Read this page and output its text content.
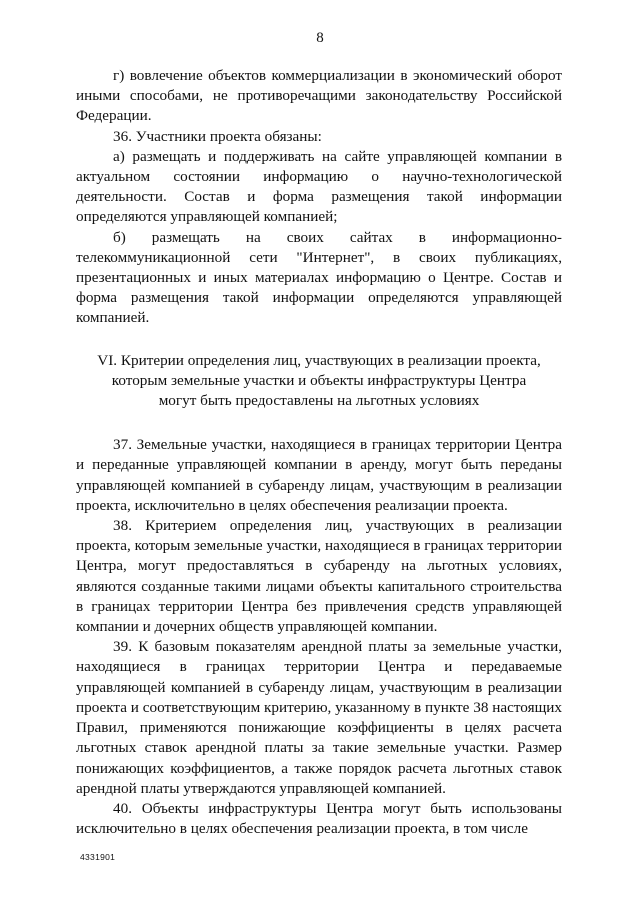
8

г) вовлечение объектов коммерциализации в экономический оборот иными способами, не противоречащими законодательству Российской Федерации.

36. Участники проекта обязаны:

а) размещать и поддерживать на сайте управляющей компании в актуальном состоянии информацию о научно-технологической деятельности. Состав и форма размещения такой информации определяются управляющей компанией;

б) размещать на своих сайтах в информационно-телекоммуникационной сети "Интернет", в своих публикациях, презентационных и иных материалах информацию о Центре. Состав и форма размещения такой информации определяются управляющей компанией.

VI. Критерии определения лиц, участвующих в реализации проекта,
которым земельные участки и объекты инфраструктуры Центра
могут быть предоставлены на льготных условиях

37. Земельные участки, находящиеся в границах территории Центра и переданные управляющей компании в аренду, могут быть переданы управляющей компанией в субаренду лицам, участвующим в реализации проекта, исключительно в целях обеспечения реализации проекта.

38. Критерием определения лиц, участвующих в реализации проекта, которым земельные участки, находящиеся в границах территории Центра, могут предоставляться в субаренду на льготных условиях, являются созданные такими лицами объекты капитального строительства в границах территории Центра без привлечения средств управляющей компании и дочерних обществ управляющей компании.

39. К базовым показателям арендной платы за земельные участки, находящиеся в границах территории Центра и передаваемые управляющей компанией в субаренду лицам, участвующим в реализации проекта и соответствующим критерию, указанному в пункте 38 настоящих Правил, применяются понижающие коэффициенты в целях расчета льготных ставок арендной платы за такие земельные участки. Размер понижающих коэффициентов, а также порядок расчета льготных ставок арендной платы утверждаются управляющей компанией.

40. Объекты инфраструктуры Центра могут быть использованы исключительно в целях обеспечения реализации проекта, в том числе

4331901
